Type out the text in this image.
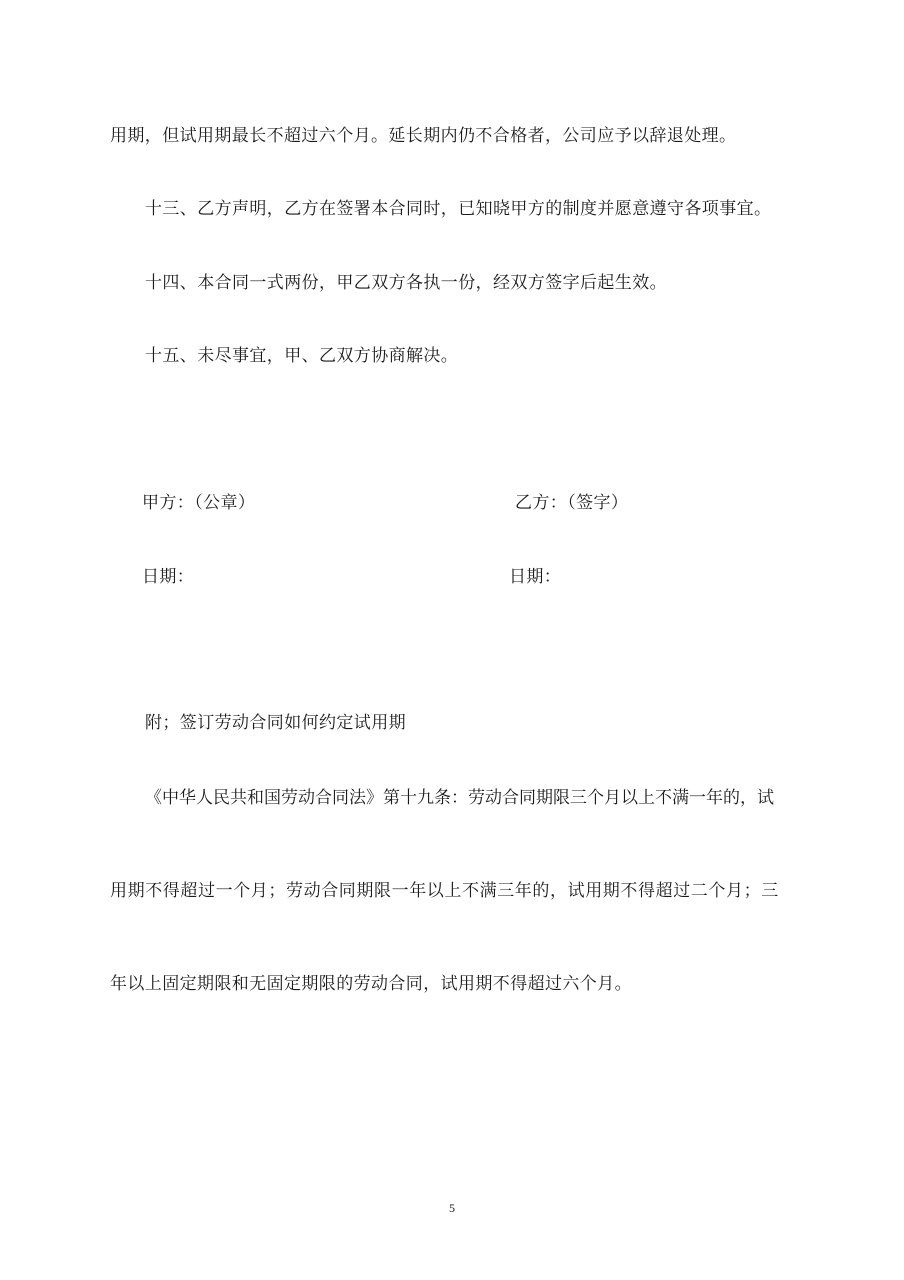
用期，但试用期最长不超过六个月。延长期内仍不合格者，公司应予以辞退处理。
十三、乙方声明，乙方在签署本合同时，已知晓甲方的制度并愿意遵守各项事宜。
十四、本合同一式两份，甲乙双方各执一份，经双方签字后起生效。
十五、未尽事宜，甲、乙双方协商解决。
甲方：（公章）	乙方：（签字）
日期：	日期：
附；签订劳动合同如何约定试用期
《中华人民共和国劳动合同法》第十九条：劳动合同期限三个月以上不满一年的，试
用期不得超过一个月；劳动合同期限一年以上不满三年的，试用期不得超过二个月；三
年以上固定期限和无固定期限的劳动合同，试用期不得超过六个月。
5
